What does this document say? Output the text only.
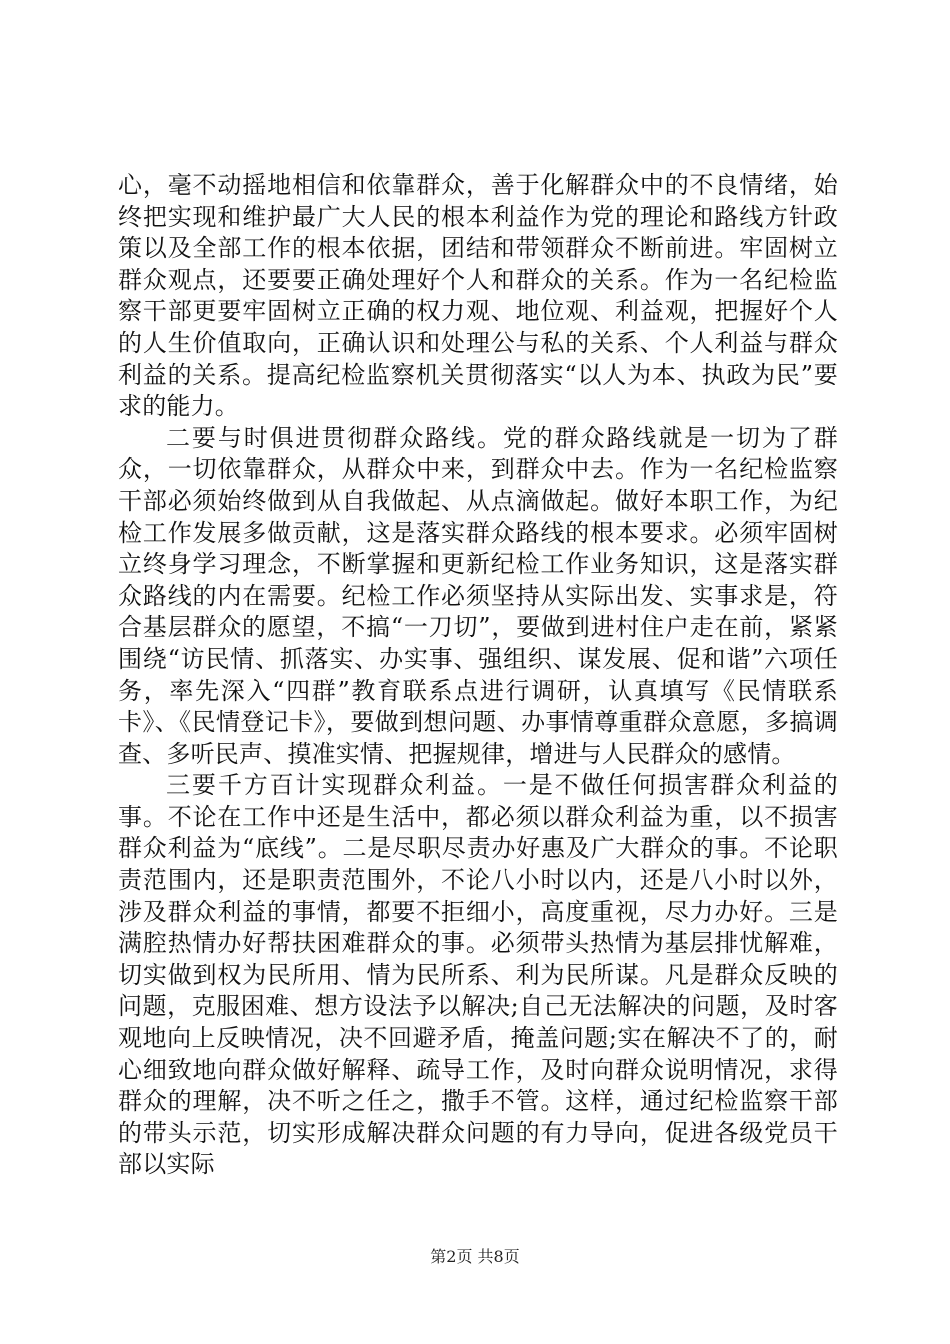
心，毫不动摇地相信和依靠群众，善于化解群众中的不良情绪，始终把实现和维护最广大人民的根本利益作为党的理论和路线方针政策以及全部工作的根本依据，团结和带领群众不断前进。牢固树立群众观点，还要要正确处理好个人和群众的关系。作为一名纪检监察干部更要牢固树立正确的权力观、地位观、利益观，把握好个人的人生价值取向，正确认识和处理公与私的关系、个人利益与群众利益的关系。提高纪检监察机关贯彻落实“以人为本、执政为民”要求的能力。

二要与时俱进贯彻群众路线。党的群众路线就是一切为了群众，一切依靠群众，从群众中来，到群众中去。作为一名纪检监察干部必须始终做到从自我做起、从点滴做起。做好本职工作，为纪检工作发展多做贡献，这是落实群众路线的根本要求。必须牢固树立终身学习理念，不断掌握和更新纪检工作业务知识，这是落实群众路线的内在需要。纪检工作必须坚持从实际出发、实事求是，符合基层群众的愿望，不搞“一刀切”，要做到进村住户走在前，紧紧围绕“访民情、抓落实、办实事、强组织、谋发展、促和谐”六项任务，率先深入“四群”教育联系点进行调研，认真填写《民情联系卡》、《民情登记卡》，要做到想问题、办事情尊重群众意愿，多搞调查、多听民声、摸准实情、把握规律，增进与人民群众的感情。

三要千方百计实现群众利益。一是不做任何损害群众利益的事。不论在工作中还是生活中，都必须以群众利益为重，以不损害群众利益为“底线”。二是尽职尽责办好惠及广大群众的事。不论职责范围内，还是职责范围外，不论八小时以内，还是八小时以外，涉及群众利益的事情，都要不拒细小，高度重视，尽力办好。三是满腔热情办好帮扶困难群众的事。必须带头热情为基层排忧解难，切实做到权为民所用、情为民所系、利为民所谋。凡是群众反映的问题，克服困难、想方设法予以解决;自己无法解决的问题，及时客观地向上反映情况，决不回避矛盾，掩盖问题;实在解决不了的，耐心细致地向群众做好解释、疏导工作，及时向群众说明情况，求得群众的理解，决不听之任之，撒手不管。这样，通过纪检监察干部的带头示范，切实形成解决群众问题的有力导向，促进各级党员干部以实际

第2页 共8页
